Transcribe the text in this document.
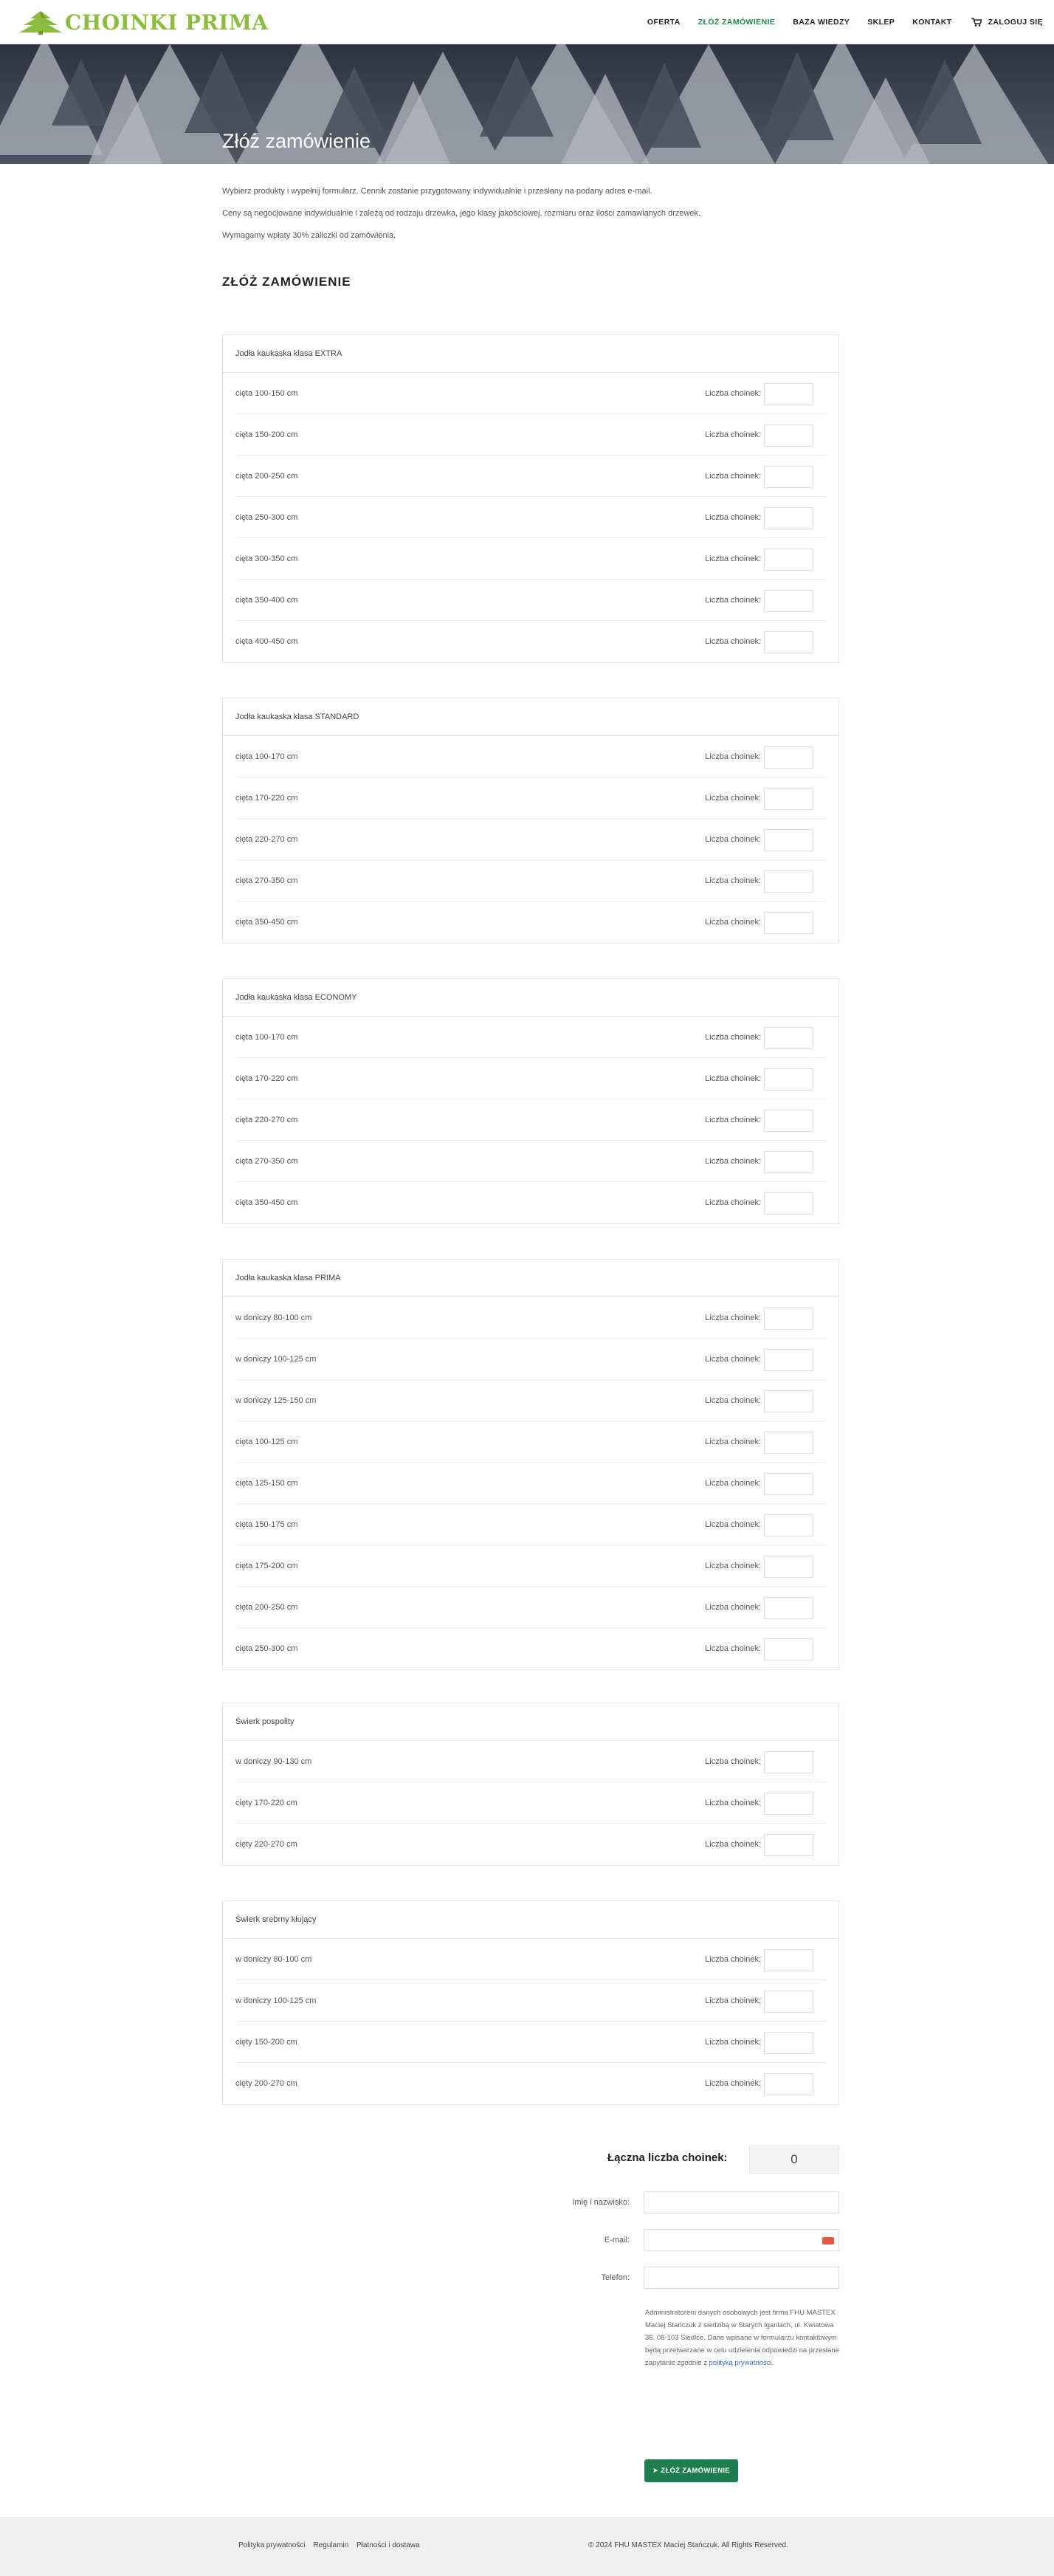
CHOINKI PRIMA	OFERTA ZŁÓŻ ZAMÓWIENIE BAZA WIEDZY SKLEP KONTAKT	ZALOGUJ SIĘ
Złóż zamówienie

Wybierz produkty i wypełnij formularz. Cennik zostanie przygotowany indywidualnie i przesłany na podany adres e-mail.

Ceny są negocjowane indywidualnie i zależą od rodzaju drzewka, jego klasy jakościowej, rozmiaru oraz ilości zamawianych drzewek.

Wymagamy wpłaty 30% zaliczki od zamówienia.

ZŁÓŻ ZAMÓWIENIE
Jodła kaukaska klasa EXTRA
cięta 100-150 cm	Liczba choinek:
cięta 150-200 cm	Liczba choinek:
cięta 200-250 cm	Liczba choinek:
cięta 250-300 cm	Liczba choinek:
cięta 300-350 cm	Liczba choinek:
cięta 350-400 cm	Liczba choinek:
cięta 400-450 cm	Liczba choinek:
Jodła kaukaska klasa STANDARD
cięta 100-170 cm	Liczba choinek:
cięta 170-220 cm	Liczba choinek:
cięta 220-270 cm	Liczba choinek:
cięta 270-350 cm	Liczba choinek:
cięta 350-450 cm	Liczba choinek:
Jodła kaukaska klasa ECONOMY
cięta 100-170 cm	Liczba choinek:
cięta 170-220 cm	Liczba choinek:
cięta 220-270 cm	Liczba choinek:
cięta 270-350 cm	Liczba choinek:
cięta 350-450 cm	Liczba choinek:
Jodła kaukaska klasa PRIMA
w doniczy 80-100 cm	Liczba choinek:
w doniczy 100-125 cm	Liczba choinek:
w doniczy 125-150 cm	Liczba choinek:
cięta 100-125 cm	Liczba choinek:
cięta 125-150 cm	Liczba choinek:
cięta 150-175 cm	Liczba choinek:
cięta 175-200 cm	Liczba choinek:
cięta 200-250 cm	Liczba choinek:
cięta 250-300 cm	Liczba choinek:
Świerk pospolity
w doniczy 90-130 cm	Liczba choinek:
cięty 170-220 cm	Liczba choinek:
cięty 220-270 cm	Liczba choinek:
Świerk srebrny kłujący
w doniczy 80-100 cm	Liczba choinek:
w doniczy 100-125 cm	Liczba choinek:
cięty 150-200 cm	Liczba choinek:
cięty 200-270 cm	Liczba choinek:
Łączna liczba choinek:	0
Imię i nazwisko:
E-mail:
Telefon:
Administratorem danych osobowych jest firma FHU MASTEX Maciej Stańczuk z siedzibą w Starych Iganiach, ul. Kwiatowa 36, 08-103 Siedlce. Dane wpisane w formularzu kontaktowym będą przetwarzane w celu udzielenia odpowiedzi na przesłane zapytanie zgodnie z polityką prywatności.
➤ ZŁÓŻ ZAMÓWIENIE
Polityka prywatności Regulamin Płatności i dostawa	© 2024 FHU MASTEX Maciej Stańczuk. All Rights Reserved.
